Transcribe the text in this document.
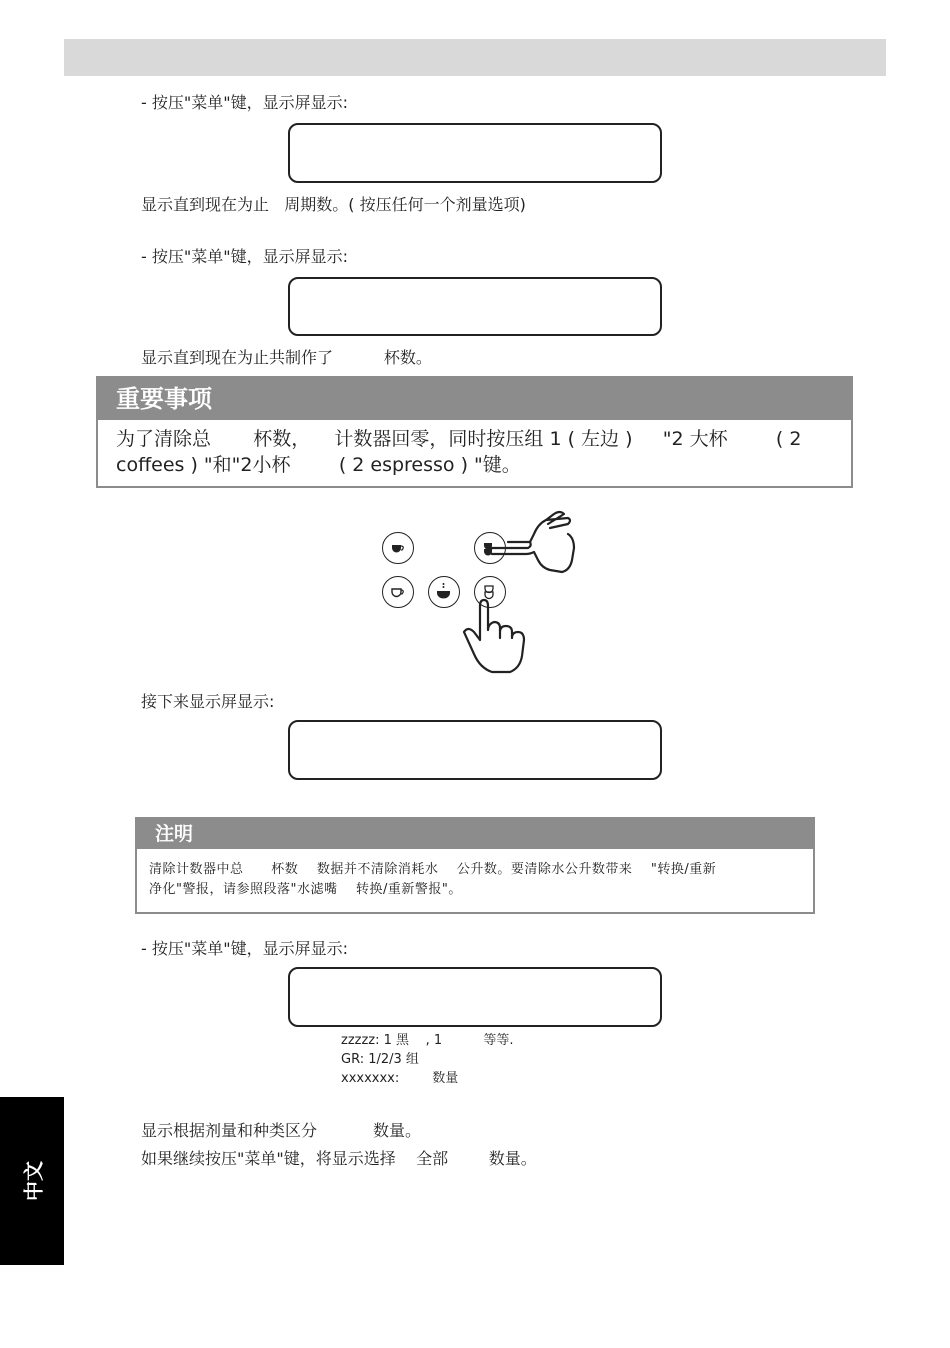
- 按压"菜单"键，显示屏显示:
显示直到现在为止   周期数。( 按压任何一个剂量选项)
- 按压"菜单"键，显示屏显示:
显示直到现在为止共制作了          杯数。
重要事项
为了清除总       杯数，    计数器回零，同时按压组 1 ( 左边 )     "2 大杯        ( 2
coffees ) "和"2小杯        ( 2 espresso ) "键。
接下来显示屏显示:
注明
清除计数器中总      杯数    数据并不清除消耗水    公升数。要清除水公升数带来    "转换/重新
净化"警报，请参照段落"水滤嘴    转换/重新警报"。
- 按压"菜单"键，显示屏显示:
zzzzz: 1 黑    , 1          等等.
GR: 1/2/3 组
xxxxxxx:        数量
显示根据剂量和种类区分           数量。
如果继续按压"菜单"键，将显示选择    全部        数量。
中文
